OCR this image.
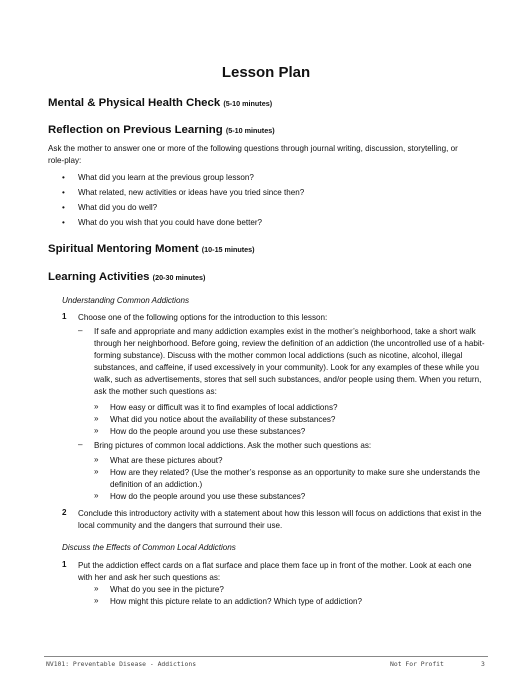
Lesson Plan
Mental & Physical Health Check (5-10 minutes)
Reflection on Previous Learning (5-10 minutes)
Ask the mother to answer one or more of the following questions through journal writing, discussion, storytelling, or role-play:
• What did you learn at the previous group lesson?
• What related, new activities or ideas have you tried since then?
• What did you do well?
• What do you wish that you could have done better?
Spiritual Mentoring Moment (10-15 minutes)
Learning Activities (20-30 minutes)
Understanding Common Addictions
1 Choose one of the following options for the introduction to this lesson:
– If safe and appropriate and many addiction examples exist in the mother’s neighborhood, take a short walk through her neighborhood. Before going, review the definition of an addiction (the uncontrolled use of a habit-forming substance). Discuss with the mother common local addictions (such as nicotine, alcohol, illegal substances, and caffeine, if used excessively in your community). Look for any examples of these while you walk, such as advertisements, stores that sell such substances, and/or people using them. When you return, ask the mother such questions as:
» How easy or difficult was it to find examples of local addictions?
» What did you notice about the availability of these substances?
» How do the people around you use these substances?
– Bring pictures of common local addictions. Ask the mother such questions as:
» What are these pictures about?
» How are they related? (Use the mother’s response as an opportunity to make sure she understands the definition of an addiction.)
» How do the people around you use these substances?
2 Conclude this introductory activity with a statement about how this lesson will focus on addictions that exist in the local community and the dangers that surround their use.
Discuss the Effects of Common Local Addictions
1 Put the addiction effect cards on a flat surface and place them face up in front of the mother. Look at each one with her and ask her such questions as:
» What do you see in the picture?
» How might this picture relate to an addiction? Which type of addiction?
NV101: Preventable Disease - Addictions	Not For Profit	3
